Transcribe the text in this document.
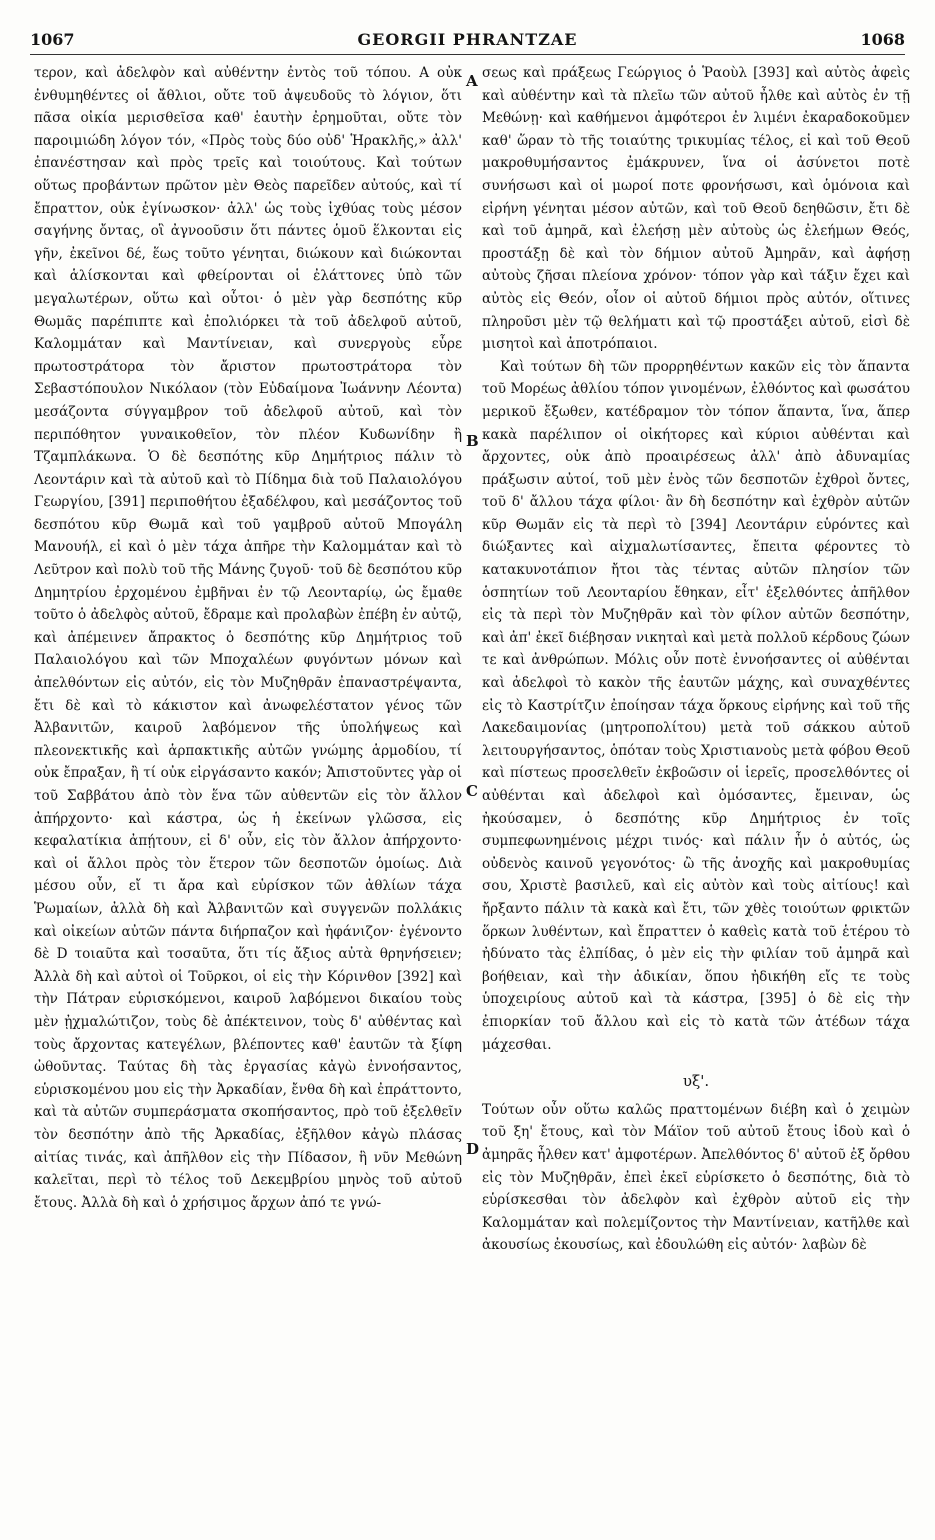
1067	GEORGII PHRANTZAE	1068

τερον, καὶ ἀδελφὸν καὶ αὐθέντην ἐντὸς τοῦ τόπου. Α οὐκ ἐνθυμηθέντες οἱ ἄθλιοι, οὔτε τοῦ ἀψευδοῦς τὸ λόγιον, ὅτι πᾶσα οἰκία μερισθεῖσα καθ' ἑαυτὴν ἐρημοῦται, οὔτε τὸν παροιμιώδη λόγον τόν, «Πρὸς τοὺς δύο οὐδ' Ἡρακλῆς,» ἀλλ' ἐπανέστησαν καὶ πρὸς τρεῖς καὶ τοιούτους. Καὶ τούτων οὕτως προβάντων πρῶτον μὲν Θεὸς παρεῖδεν αὐτούς, καὶ τί ἔπραττον, οὐκ ἐγίνωσκον· ἀλλ' ὡς τοὺς ἰχθύας τοὺς μέσον σαγήνης ὄντας, οἳ ἀγνοοῦσιν ὅτι πάντες ὁμοῦ ἕλκονται εἰς γῆν, ἐκεῖνοι δέ, ἕως τοῦτο γένηται, διώκουν καὶ διώκονται καὶ ἁλίσκονται καὶ φθείρονται οἱ ἐλάττονες ὑπὸ τῶν μεγαλωτέρων, οὕτω καὶ οὗτοι· ὁ μὲν γὰρ δεσπότης κῦρ Θωμᾶς παρέπιπτε καὶ ἐπολιόρκει τὰ τοῦ ἀδελφοῦ αὐτοῦ, Καλομμάταν καὶ Μαντίνειαν, καὶ συνεργοὺς εὗρε πρωτοστράτορα τὸν ἄριστον πρωτοστράτορα τὸν Σεβαστόπουλον Νικόλαον (τὸν Εὐδαίμονα Ἰωάννην Λέοντα) μεσάζοντα σύγγαμβρον τοῦ ἀδελφοῦ αὐτοῦ, καὶ τὸν περιπόθητον γυναικοθεῖον, τὸν πλέον Κυδωνίδην ἢ Τζαμπλάκωνα. Ὁ δὲ δεσπότης κῦρ Δημήτριος πάλιν τὸ Λεοντάριν καὶ τὰ αὐτοῦ καὶ τὸ Πίδημα διὰ τοῦ Παλαιολόγου Γεωργίου, [391] περιποθήτου ἐξαδέλφου, καὶ μεσάζοντος τοῦ δεσπότου κῦρ Θωμᾶ καὶ τοῦ γαμβροῦ αὐτοῦ Μπογάλη Μανουήλ, εἰ καὶ ὁ μὲν τάχα ἀπῆρε τὴν Καλομμάταν καὶ τὸ Λεῦτρον καὶ πολὺ τοῦ τῆς Μάνης ζυγοῦ· τοῦ δὲ δεσπότου κῦρ Δημητρίου ἐρχομένου ἐμβῆναι ἐν τῷ Λεονταρίῳ, ὡς ἔμαθε τοῦτο ὁ ἀδελφὸς αὐτοῦ, ἔδραμε καὶ προλαβὼν ἐπέβη ἐν αὐτῷ, καὶ ἀπέμεινεν ἄπρακτος ὁ δεσπότης κῦρ Δημήτριος τοῦ Παλαιολόγου καὶ τῶν Μποχαλέων φυγόντων μόνων καὶ ἀπελθόντων εἰς αὐτόν, εἰς τὸν Μυζηθρᾶν ἐπαναστρέψαντα, ἔτι δὲ καὶ τὸ κάκιστον καὶ ἀνωφελέστατον γένος τῶν Ἀλβανιτῶν, καιροῦ λαβόμενον τῆς ὑπολήψεως καὶ πλεονεκτικῆς καὶ ἁρπακτικῆς αὐτῶν γνώμης ἁρμοδίου, τί οὐκ ἔπραξαν, ἢ τί οὐκ εἰργάσαντο κακόν; Ἀπιστοῦντες γὰρ οἱ τοῦ Σαββάτου ἀπὸ τὸν ἕνα τῶν αὐθεντῶν εἰς τὸν ἄλλον ἀπήρχοντο· καὶ κάστρα, ὡς ἡ ἐκείνων γλῶσσα, εἰς κεφαλατίκια ἀπῄτουν, εἰ δ' οὖν, εἰς τὸν ἄλλον ἀπήρχοντο· καὶ οἱ ἄλλοι πρὸς τὸν ἕτερον τῶν δεσποτῶν ὁμοίως. Διὰ μέσου οὖν, εἴ τι ἄρα καὶ εὑρίσκον τῶν ἀθλίων τάχα Ῥωμαίων, ἀλλὰ δὴ καὶ Ἀλβανιτῶν καὶ συγγενῶν πολλάκις καὶ οἰκείων αὐτῶν πάντα διήρπαζον καὶ ἠφάνιζον· ἐγένοντο δὲ D τοιαῦτα καὶ τοσαῦτα, ὅτι τίς ἄξιος αὐτὰ θρηνήσειεν; Ἀλλὰ δὴ καὶ αὐτοὶ οἱ Τοῦρκοι, οἱ εἰς τὴν Κόρινθον [392] καὶ τὴν Πάτραν εὑρισκόμενοι, καιροῦ λαβόμενοι δικαίου τοὺς μὲν ᾐχμαλώτιζον, τοὺς δὲ ἀπέκτεινον, τοὺς δ' αὐθέντας καὶ τοὺς ἄρχοντας κατεγέλων, βλέποντες καθ' ἑαυτῶν τὰ ξίφη ὠθοῦντας. Ταύτας δὴ τὰς ἐργασίας κἀγὼ ἐννοήσαντος, εὑρισκομένου μου εἰς τὴν Ἀρκαδίαν, ἔνθα δὴ καὶ ἐπράττοντο, καὶ τὰ αὐτῶν συμπεράσματα σκοπήσαντος, πρὸ τοῦ ἐξελθεῖν τὸν δεσπότην ἀπὸ τῆς Ἀρκαδίας, ἐξῆλθον κἀγὼ πλάσας αἰτίας τινάς, καὶ ἀπῆλθον εἰς τὴν Πίδασον, ἣ νῦν Μεθώνη καλεῖται, περὶ τὸ τέλος τοῦ Δεκεμβρίου μηνὸς τοῦ αὐτοῦ ἔτους. Ἀλλὰ δὴ καὶ ὁ χρήσιμος ἄρχων ἀπό τε γνώ-

A
B
C
D

σεως καὶ πράξεως Γεώργιος ὁ Ῥαοὺλ [393] καὶ αὐτὸς ἀφεὶς καὶ αὐθέντην καὶ τὰ πλεῖω τῶν αὐτοῦ ἦλθε καὶ αὐτὸς ἐν τῇ Μεθώνῃ· καὶ καθήμενοι ἀμφότεροι ἐν λιμένι ἐκαραδοκοῦμεν καθ' ὥραν τὸ τῆς τοιαύτης τρικυμίας τέλος, εἰ καὶ τοῦ Θεοῦ μακροθυμήσαντος ἐμάκρυνεν, ἵνα οἱ ἀσύνετοι ποτὲ συνήσωσι καὶ οἱ μωροί ποτε φρονήσωσι, καὶ ὁμόνοια καὶ εἰρήνη γένηται μέσον αὐτῶν, καὶ τοῦ Θεοῦ δεηθῶσιν, ἔτι δὲ καὶ τοῦ ἀμηρᾶ, καὶ ἐλεήσῃ μὲν αὐτοὺς ὡς ἐλεήμων Θεός, προστάξῃ δὲ καὶ τὸν δήμιον αὐτοῦ Ἀμηρᾶν, καὶ ἀφήσῃ αὐτοὺς ζῆσαι πλείονα χρόνον· τόπον γὰρ καὶ τάξιν ἔχει καὶ αὐτὸς εἰς Θεόν, οἷον οἱ αὐτοῦ δήμιοι πρὸς αὐτόν, οἵτινες πληροῦσι μὲν τῷ θελήματι καὶ τῷ προστάξει αὐτοῦ, εἰσὶ δὲ μισητοὶ καὶ ἀποτρόπαιοι.

Καὶ τούτων δὴ τῶν προρρηθέντων κακῶν εἰς τὸν ἅπαντα τοῦ Μορέως ἀθλίου τόπον γινομένων, ἐλθόντος καὶ φωσάτου μερικοῦ ἔξωθεν, κατέδραμον τὸν τόπον ἅπαντα, ἵνα, ἅπερ κακὰ παρέλιπον οἱ οἰκήτορες καὶ κύριοι αὐθένται καὶ ἄρχοντες, οὐκ ἀπὸ προαιρέσεως ἀλλ' ἀπὸ ἀδυναμίας πράξωσιν αὐτοί, τοῦ μὲν ἑνὸς τῶν δεσποτῶν ἐχθροὶ ὄντες, τοῦ δ' ἄλλου τάχα φίλοι· ἂν δὴ δεσπότην καὶ ἐχθρὸν αὐτῶν κῦρ Θωμᾶν εἰς τὰ περὶ τὸ [394] Λεοντάριν εὑρόντες καὶ διώξαντες καὶ αἰχμαλωτίσαντες, ἔπειτα φέροντες τὸ κατακυνοτάπιον ἤτοι τὰς τέντας αὐτῶν πλησίον τῶν ὁσπητίων τοῦ Λεονταρίου ἔθηκαν, εἶτ' ἐξελθόντες ἀπῆλθον εἰς τὰ περὶ τὸν Μυζηθρᾶν καὶ τὸν φίλον αὐτῶν δεσπότην, καὶ ἀπ' ἐκεῖ διέβησαν νικηταὶ καὶ μετὰ πολλοῦ κέρδους ζώων τε καὶ ἀνθρώπων. Μόλις οὖν ποτὲ ἐννοήσαντες οἱ αὐθένται καὶ ἀδελφοὶ τὸ κακὸν τῆς ἑαυτῶν μάχης, καὶ συναχθέντες εἰς τὸ Καστρίτζιν ἐποίησαν τάχα ὅρκους εἰρήνης καὶ τοῦ τῆς Λακεδαιμονίας (μητροπολίτου) μετὰ τοῦ σάκκου αὐτοῦ λειτουργήσαντος, ὁπόταν τοὺς Χριστιανοὺς μετὰ φόβου Θεοῦ καὶ πίστεως προσελθεῖν ἐκβοῶσιν οἱ ἱερεῖς, προσελθόντες οἱ αὐθένται καὶ ἀδελφοὶ καὶ ὀμόσαντες, ἔμειναν, ὡς ἠκούσαμεν, ὁ δεσπότης κῦρ Δημήτριος ἐν τοῖς συμπεφωνημένοις μέχρι τινός· καὶ πάλιν ἦν ὁ αὐτός, ὡς οὐδενὸς καινοῦ γεγονότος· ὢ τῆς ἀνοχῆς καὶ μακροθυμίας σου, Χριστὲ βασιλεῦ, καὶ εἰς αὐτὸν καὶ τοὺς αἰτίους! καὶ ἤρξαντο πάλιν τὰ κακὰ καὶ ἔτι, τῶν χθὲς τοιούτων φρικτῶν ὅρκων λυθέντων, καὶ ἔπραττεν ὁ καθεὶς κατὰ τοῦ ἑτέρου τὸ ἠδύνατο τὰς ἐλπίδας, ὁ μὲν εἰς τὴν φιλίαν τοῦ ἀμηρᾶ καὶ βοήθειαν, καὶ τὴν ἀδικίαν, ὅπου ἠδικήθη εἴς τε τοὺς ὑποχειρίους αὐτοῦ καὶ τὰ κάστρα, [395] ὁ δὲ εἰς τὴν ἐπιορκίαν τοῦ ἄλλου καὶ εἰς τὸ κατὰ τῶν ἀτέδων τάχα μάχεσθαι.

υξ'.

Τούτων οὖν οὕτω καλῶς πραττομένων διέβη καὶ ὁ χειμὼν τοῦ ξη' ἔτους, καὶ τὸν Μάϊον τοῦ αὐτοῦ ἔτους ἰδοὺ καὶ ὁ ἀμηρᾶς ἦλθεν κατ' ἀμφοτέρων. Ἀπελθόντος δ' αὐτοῦ ἐξ ὄρθου εἰς τὸν Μυζηθρᾶν, ἐπεὶ ἐκεῖ εὑρίσκετο ὁ δεσπότης, διὰ τὸ εὑρίσκεσθαι τὸν ἀδελφὸν καὶ ἐχθρὸν αὐτοῦ εἰς τὴν Καλομμάταν καὶ πολεμίζοντος τὴν Μαντίνειαν, κατῆλθε καὶ ἀκουσίως ἐκουσίως, καὶ ἐδουλώθη εἰς αὐτόν· λαβὼν δὲ
